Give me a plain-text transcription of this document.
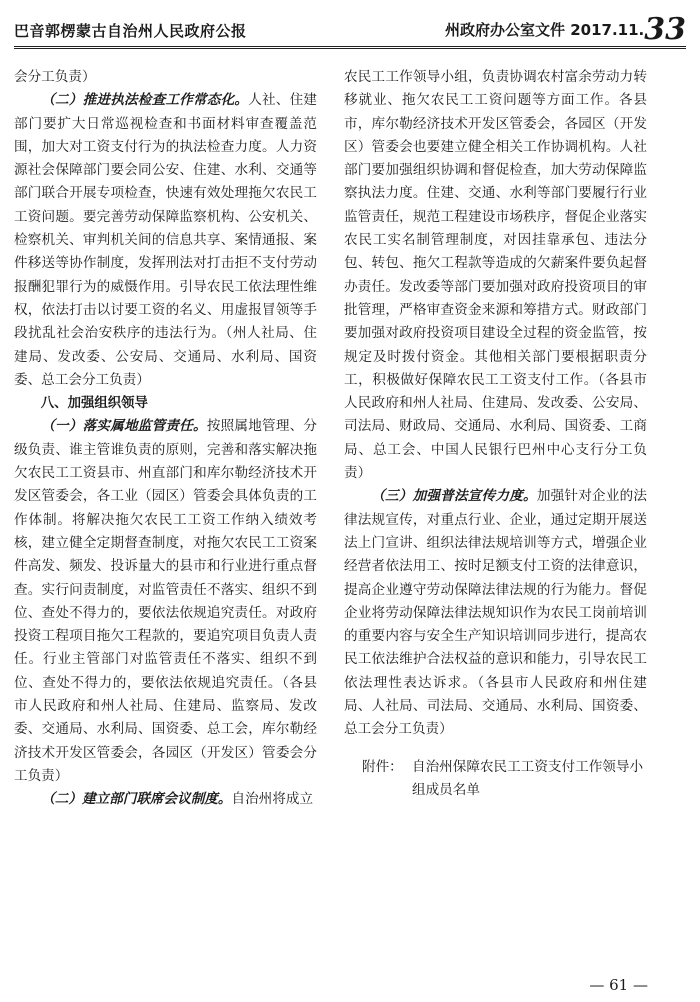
巴音郭楞蒙古自治州人民政府公报	州政府办公室文件 2017.11.33

会分工负责）

（二）推进执法检查工作常态化。人社、住建部门要扩大日常巡视检查和书面材料审查覆盖范围，加大对工资支付行为的执法检查力度。人力资源社会保障部门要会同公安、住建、水利、交通等部门联合开展专项检查，快速有效处理拖欠农民工工资问题。要完善劳动保障监察机构、公安机关、检察机关、审判机关间的信息共享、案情通报、案件移送等协作制度，发挥刑法对打击拒不支付劳动报酬犯罪行为的威慑作用。引导农民工依法理性维权，依法打击以讨要工资的名义、用虚报冒领等手段扰乱社会治安秩序的违法行为。（州人社局、住建局、发改委、公安局、交通局、水利局、国资委、总工会分工负责）

八、加强组织领导

（一）落实属地监管责任。按照属地管理、分级负责、谁主管谁负责的原则，完善和落实解决拖欠农民工工资县市、州直部门和库尔勒经济技术开发区管委会，各工业（园区）管委会具体负责的工作体制。将解决拖欠农民工工资工作纳入绩效考核，建立健全定期督查制度，对拖欠农民工工资案件高发、频发、投诉量大的县市和行业进行重点督查。实行问责制度，对监管责任不落实、组织不到位、查处不得力的，要依法依规追究责任。对政府投资工程项目拖欠工程款的，要追究项目负责人责任。行业主管部门对监管责任不落实、组织不到位、查处不得力的，要依法依规追究责任。（各县市人民政府和州人社局、住建局、监察局、发改委、交通局、水利局、国资委、总工会，库尔勒经济技术开发区管委会，各园区（开发区）管委会分工负责）

（二）建立部门联席会议制度。自治州将成立

农民工工作领导小组，负责协调农村富余劳动力转移就业、拖欠农民工工资问题等方面工作。各县市，库尔勒经济技术开发区管委会，各园区（开发区）管委会也要建立健全相关工作协调机构。人社部门要加强组织协调和督促检查，加大劳动保障监察执法力度。住建、交通、水利等部门要履行行业监管责任，规范工程建设市场秩序，督促企业落实农民工实名制管理制度，对因挂靠承包、违法分包、转包、拖欠工程款等造成的欠薪案件要负起督办责任。发改委等部门要加强对政府投资项目的审批管理，严格审查资金来源和筹措方式。财政部门要加强对政府投资项目建设全过程的资金监管，按规定及时拨付资金。其他相关部门要根据职责分工，积极做好保障农民工工资支付工作。（各县市人民政府和州人社局、住建局、发改委、公安局、司法局、财政局、交通局、水利局、国资委、工商局、总工会、中国人民银行巴州中心支行分工负责）

（三）加强普法宣传力度。加强针对企业的法律法规宣传，对重点行业、企业，通过定期开展送法上门宣讲、组织法律法规培训等方式，增强企业经营者依法用工、按时足额支付工资的法律意识，提高企业遵守劳动保障法律法规的行为能力。督促企业将劳动保障法律法规知识作为农民工岗前培训的重要内容与安全生产知识培训同步进行，提高农民工依法维护合法权益的意识和能力，引导农民工依法理性表达诉求。（各县市人民政府和州住建局、人社局、司法局、交通局、水利局、国资委、总工会分工负责）

附件： 自治州保障农民工工资支付工作领导小
组成员名单
— 61 —
